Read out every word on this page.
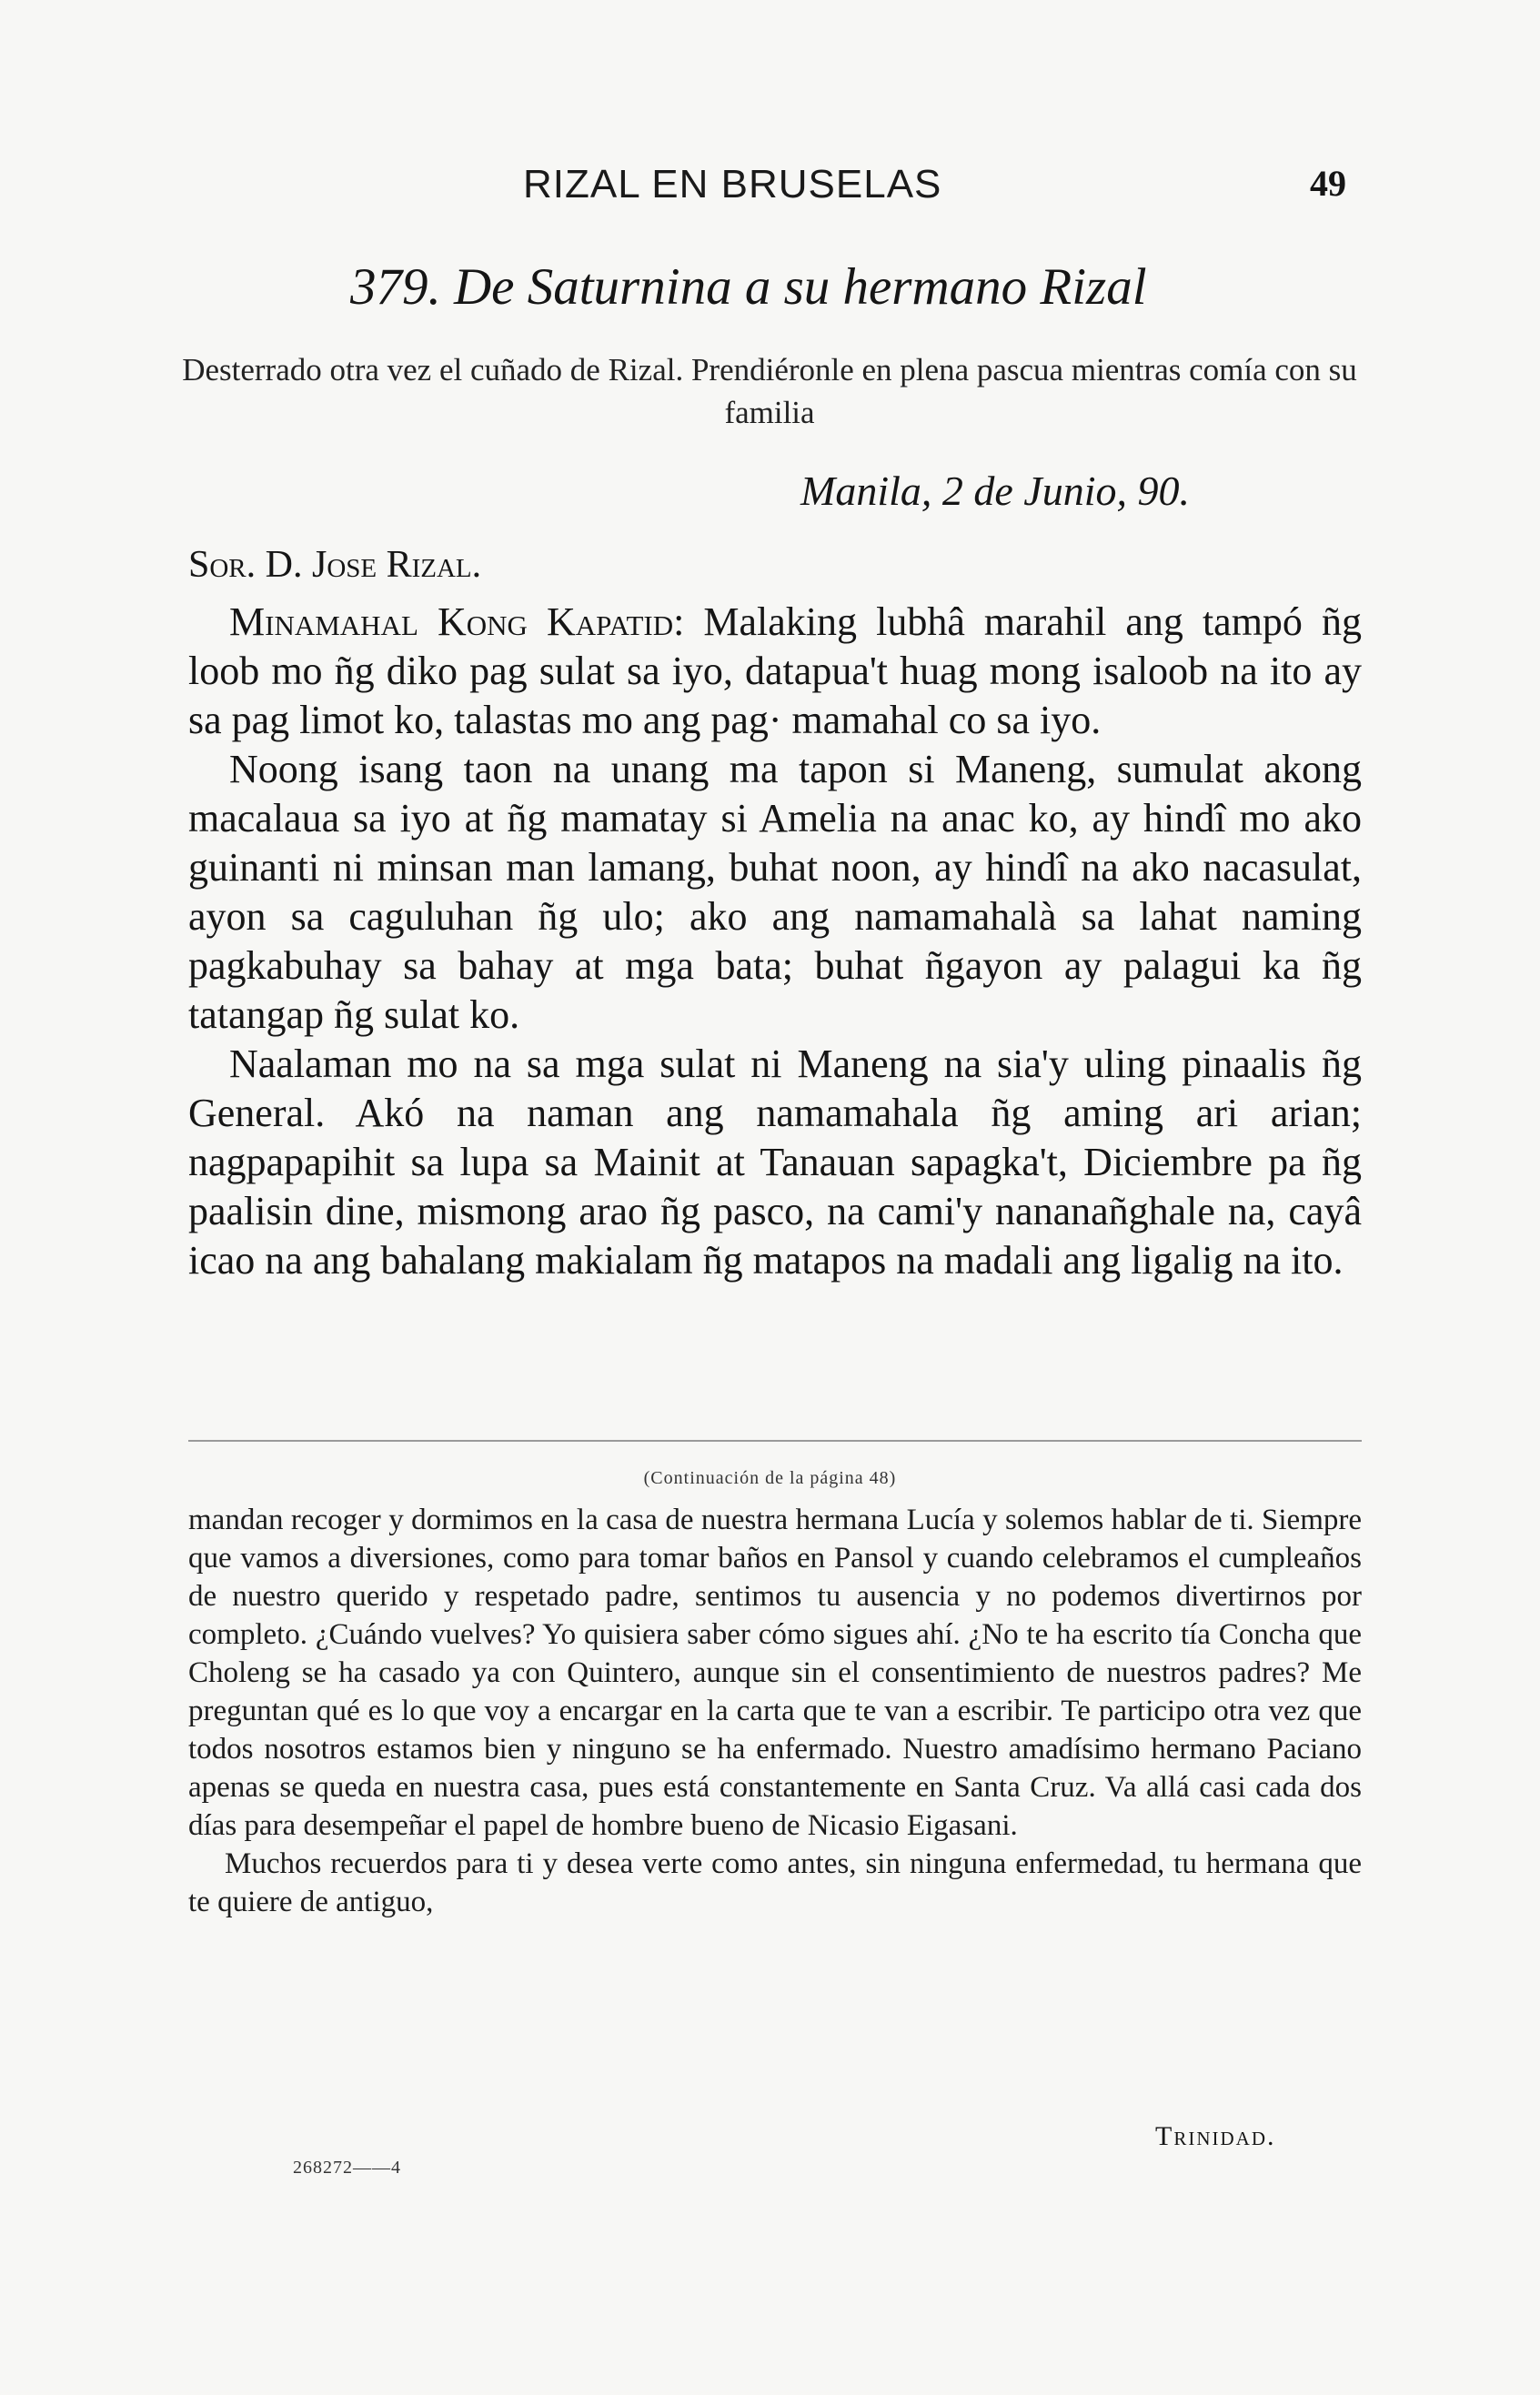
RIZAL EN BRUSELAS	49
379. De Saturnina a su hermano Rizal
Desterrado otra vez el cuñado de Rizal. Prendiéronle en plena pascua mientras comía con su familia
Manila, 2 de Junio, 90.
Sor. D. Jose Rizal.

Minamahal Kong Kapatid: Malaking lubhâ marahil ang tampó ñg loob mo ñg diko pag sulat sa iyo, datapua't huag mong isaloob na ito ay sa pag limot ko, talastas mo ang pag· mamahal co sa iyo.

Noong isang taon na unang ma tapon si Maneng, sumulat akong macalaua sa iyo at ñg mamatay si Amelia na anac ko, ay hindî mo ako guinanti ni minsan man lamang, buhat noon, ay hindî na ako nacasulat, ayon sa caguluhan ñg ulo; ako ang namamahalà sa lahat naming pagkabuhay sa bahay at mga bata; buhat ñgayon ay palagui ka ñg tatangap ñg sulat ko.

Naalaman mo na sa mga sulat ni Maneng na sia'y uling pinaalis ñg General. Akó na naman ang namamahala ñg aming ari arian; nagpapapihit sa lupa sa Mainit at Tanauan sapagka't, Diciembre pa ñg paalisin dine, mismong arao ñg pasco, na cami'y nananañghale na, cayâ icao na ang bahalang makialam ñg matapos na madali ang ligalig na ito.

(Continuación de la página 48)

mandan recoger y dormimos en la casa de nuestra hermana Lucía y solemos hablar de ti. Siempre que vamos a diversiones, como para tomar baños en Pansol y cuando celebramos el cumpleaños de nuestro querido y respetado padre, sentimos tu ausencia y no podemos divertirnos por completo. ¿Cuándo vuelves? Yo quisiera saber cómo sigues ahí. ¿No te ha escrito tía Concha que Choleng se ha casado ya con Quintero, aunque sin el consentimiento de nuestros padres? Me preguntan qué es lo que voy a encargar en la carta que te van a escribir. Te participo otra vez que todos nosotros estamos bien y ninguno se ha enfermado. Nuestro amadísimo hermano Paciano apenas se queda en nuestra casa, pues está constantemente en Santa Cruz. Va allá casi cada dos días para desempeñar el papel de hombre bueno de Nicasio Eigasani.

Muchos recuerdos para ti y desea verte como antes, sin ninguna enfermedad, tu hermana que te quiere de antiguo,

Trinidad.
268272——4
